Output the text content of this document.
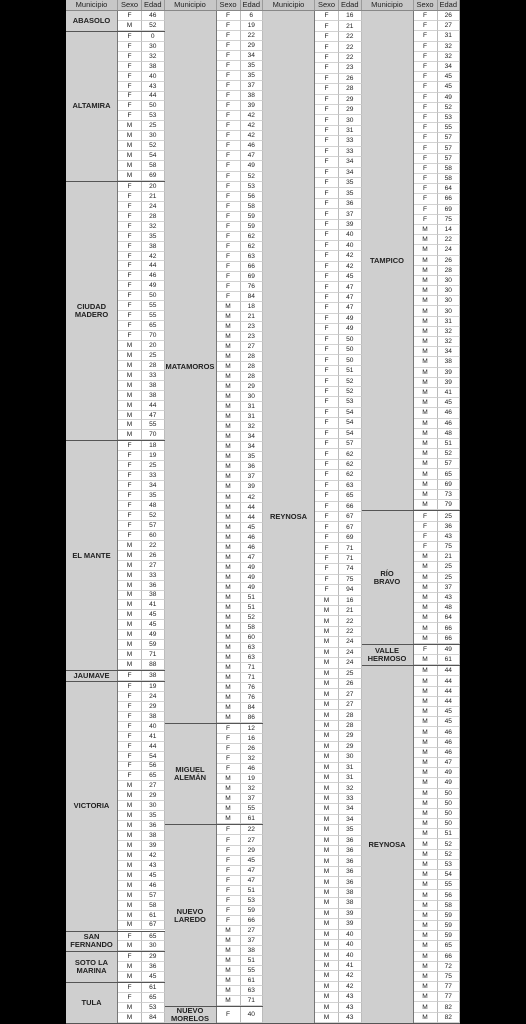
Municipio	Sexo Edad
ABASOLO
F	46
M	52
ALTAMIRA
F	0
F	30
F	32
F	38
F	40
F	43
F	44
F	50
F	53
M	25
M	30
M	52
M	54
M	58
M	69
CIUDAD
MADERO
F	20
F	21
F	24
F	28
F	32
F	35
F	38
F	42
F	44
F	46
F	49
F	50
F	55
F	55
F	65
F	70
M	20
M	25
M	28
M	33
M	38
M	38
M	44
M	47
M	55
M	70
EL MANTE
F	18
F	19
F	25
F	33
F	34
F	35
F	48
F	52
F	57
F	60
M	22
M	26
M	27
M	33
M	36
M	38
M	41
M	45
M	45
M	49
M	59
M	71
M	88
JAUMAVE	F	38
VICTORIA
F	19
F	24
F	29
F	38
F	40
F	41
F	44
F	54
F	56
F	65
M	27
M	29
M	30
M	35
M	36
M	38
M	39
M	42
M	43
M	45
M	46
M	57
M	58
M	61
M	67
SAN
FERNANDO
F	65
M	30
SOTO LA
MARINA
F	29
M	36
M	45
TULA
F	61
F	65
M	53
M	84
Municipio	Sexo Edad
MATAMOROS
F	6
F	19
F	22
F	29
F	34
F	35
F	35
F	37
F	38
F	39
F	42
F	42
F	42
F	46
F	47
F	49
F	52
F	53
F	56
F	58
F	59
F	59
F	62
F	62
F	63
F	66
F	69
F	76
F	84
M	18
M	21
M	23
M	23
M	27
M	28
M	28
M	28
M	29
M	30
M	31
M	31
M	32
M	34
M	34
M	35
M	36
M	37
M	39
M	42
M	44
M	44
M	45
M	46
M	46
M	47
M	49
M	49
M	49
M	51
M	51
M	52
M	58
M	60
M	63
M	63
M	71
M	71
M	76
M	76
M	84
M	86
MIGUEL
ALEMÁN
F	12
F	16
F	26
F	32
F	46
M	19
M	32
M	37
M	55
M	61
NUEVO
LAREDO
F	22
F	27
F	29
F	45
F	47
F	47
F	51
F	53
F	59
F	66
M	27
M	37
M	38
M	51
M	55
M	61
M	63
M	71
NUEVO
MORELOS	F	40
Municipio	Sexo Edad
REYNOSA
F	16
F	21
F	22
F	22
F	22
F	23
F	26
F	28
F	29
F	29
F	30
F	31
F	33
F	33
F	34
F	34
F	35
F	35
F	36
F	37
F	39
F	40
F	40
F	42
F	42
F	45
F	47
F	47
F	47
F	49
F	49
F	50
F	50
F	50
F	51
F	52
F	52
F	53
F	54
F	54
F	54
F	57
F	62
F	62
F	62
F	63
F	65
F	66
F	67
F	67
F	69
F	71
F	71
F	74
F	75
F	94
M	16
M	21
M	22
M	22
M	24
M	24
M	24
M	25
M	26
M	27
M	27
M	28
M	28
M	29
M	29
M	30
M	31
M	31
M	32
M	33
M	34
M	34
M	35
M	36
M	36
M	36
M	36
M	36
M	38
M	38
M	39
M	39
M	40
M	40
M	40
M	41
M	42
M	42
M	43
M	43
M	43
Municipio	Sexo Edad
TAMPICO
F	26
F	27
F	31
F	32
F	32
F	34
F	45
F	45
F	49
F	52
F	53
F	55
F	57
F	57
F	57
F	58
F	58
F	64
F	66
F	69
F	75
M	14
M	22
M	24
M	26
M	28
M	30
M	30
M	30
M	30
M	31
M	32
M	32
M	34
M	38
M	39
M	39
M	41
M	45
M	46
M	46
M	48
M	51
M	52
M	57
M	65
M	69
M	73
M	79
RÍO
BRAVO
F	25
F	36
F	43
F	75
M	21
M	25
M	25
M	37
M	43
M	48
M	64
M	66
M	66
VALLE
HERMOSO
F	49
M	61
REYNOSA
M	44
M	44
M	44
M	44
M	45
M	45
M	46
M	46
M	46
M	47
M	49
M	49
M	50
M	50
M	50
M	50
M	51
M	52
M	52
M	53
M	54
M	55
M	56
M	58
M	59
M	59
M	59
M	65
M	66
M	72
M	75
M	77
M	77
M	82
M	82
